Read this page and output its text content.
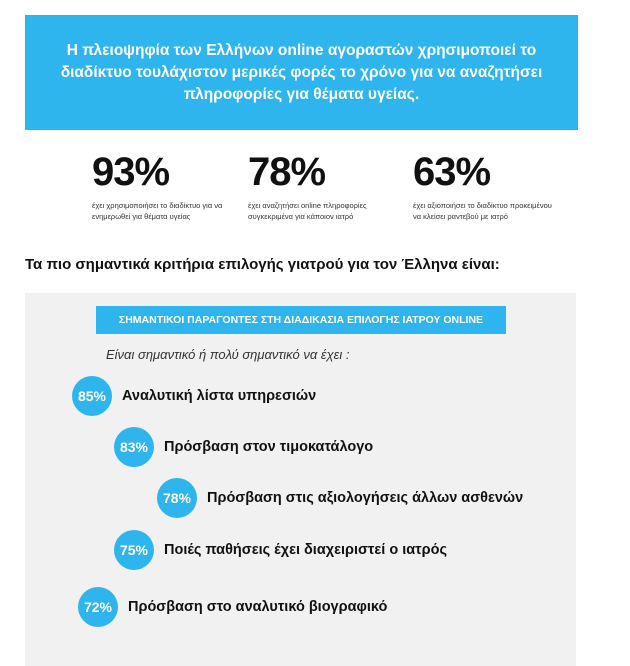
Η πλειοψηφία των Ελλήνων online αγοραστών χρησιμοποιεί το διαδίκτυο τουλάχιστον μερικές φορές το χρόνο για να αναζητήσει πληροφορίες για θέματα υγείας.

93%
έχει χρησιμοποιήσει το διαδίκτυο για να ενημερωθεί για θέματα υγείας
78%
έχει αναζητήσει online πληροφορίες συγκεκριμένα για κάποιον ιατρό
63%
έχει αξιοποιήσει το διαδίκτυο προκειμένου να κλείσει ραντεβού με ιατρό
Τα πιο σημαντικά κριτήρια επιλογής γιατρού για τον Έλληνα είναι:
ΣΗΜΑΝΤΙΚΟΙ ΠΑΡΑΓΟΝΤΕΣ ΣΤΗ ΔΙΑΔΙΚΑΣΙΑ ΕΠΙΛΟΓΗΣ ΙΑΤΡΟΥ ONLINE
Είναι σημαντικό ή πολύ σημαντικό να έχει :
85%	Αναλυτική λίστα υπηρεσιών
83%	Πρόσβαση στον τιμοκατάλογο
78%	Πρόσβαση στις αξιολογήσεις άλλων ασθενών
75%	Ποιές παθήσεις έχει διαχειριστεί ο ιατρός
72%	Πρόσβαση στο αναλυτικό βιογραφικό
